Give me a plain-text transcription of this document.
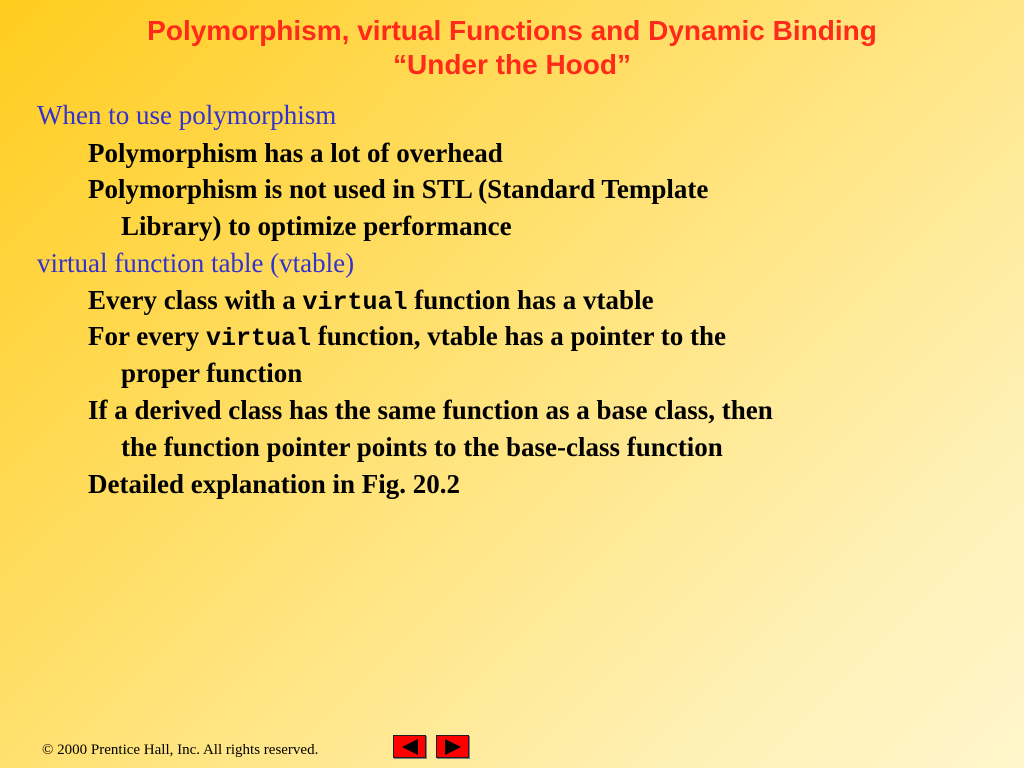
Polymorphism, virtual Functions and Dynamic Binding
“Under the Hood”
When to use polymorphism
Polymorphism has a lot of overhead
Polymorphism is not used in STL (Standard Template
Library) to optimize performance
virtual function table (vtable)
Every class with a virtual function has a vtable
For every virtual function, vtable has a pointer to the
proper function
If a derived class has the same function as a base class, then
the function pointer points to the base-class function
Detailed explanation in Fig. 20.2
© 2000 Prentice Hall, Inc. All rights reserved.
